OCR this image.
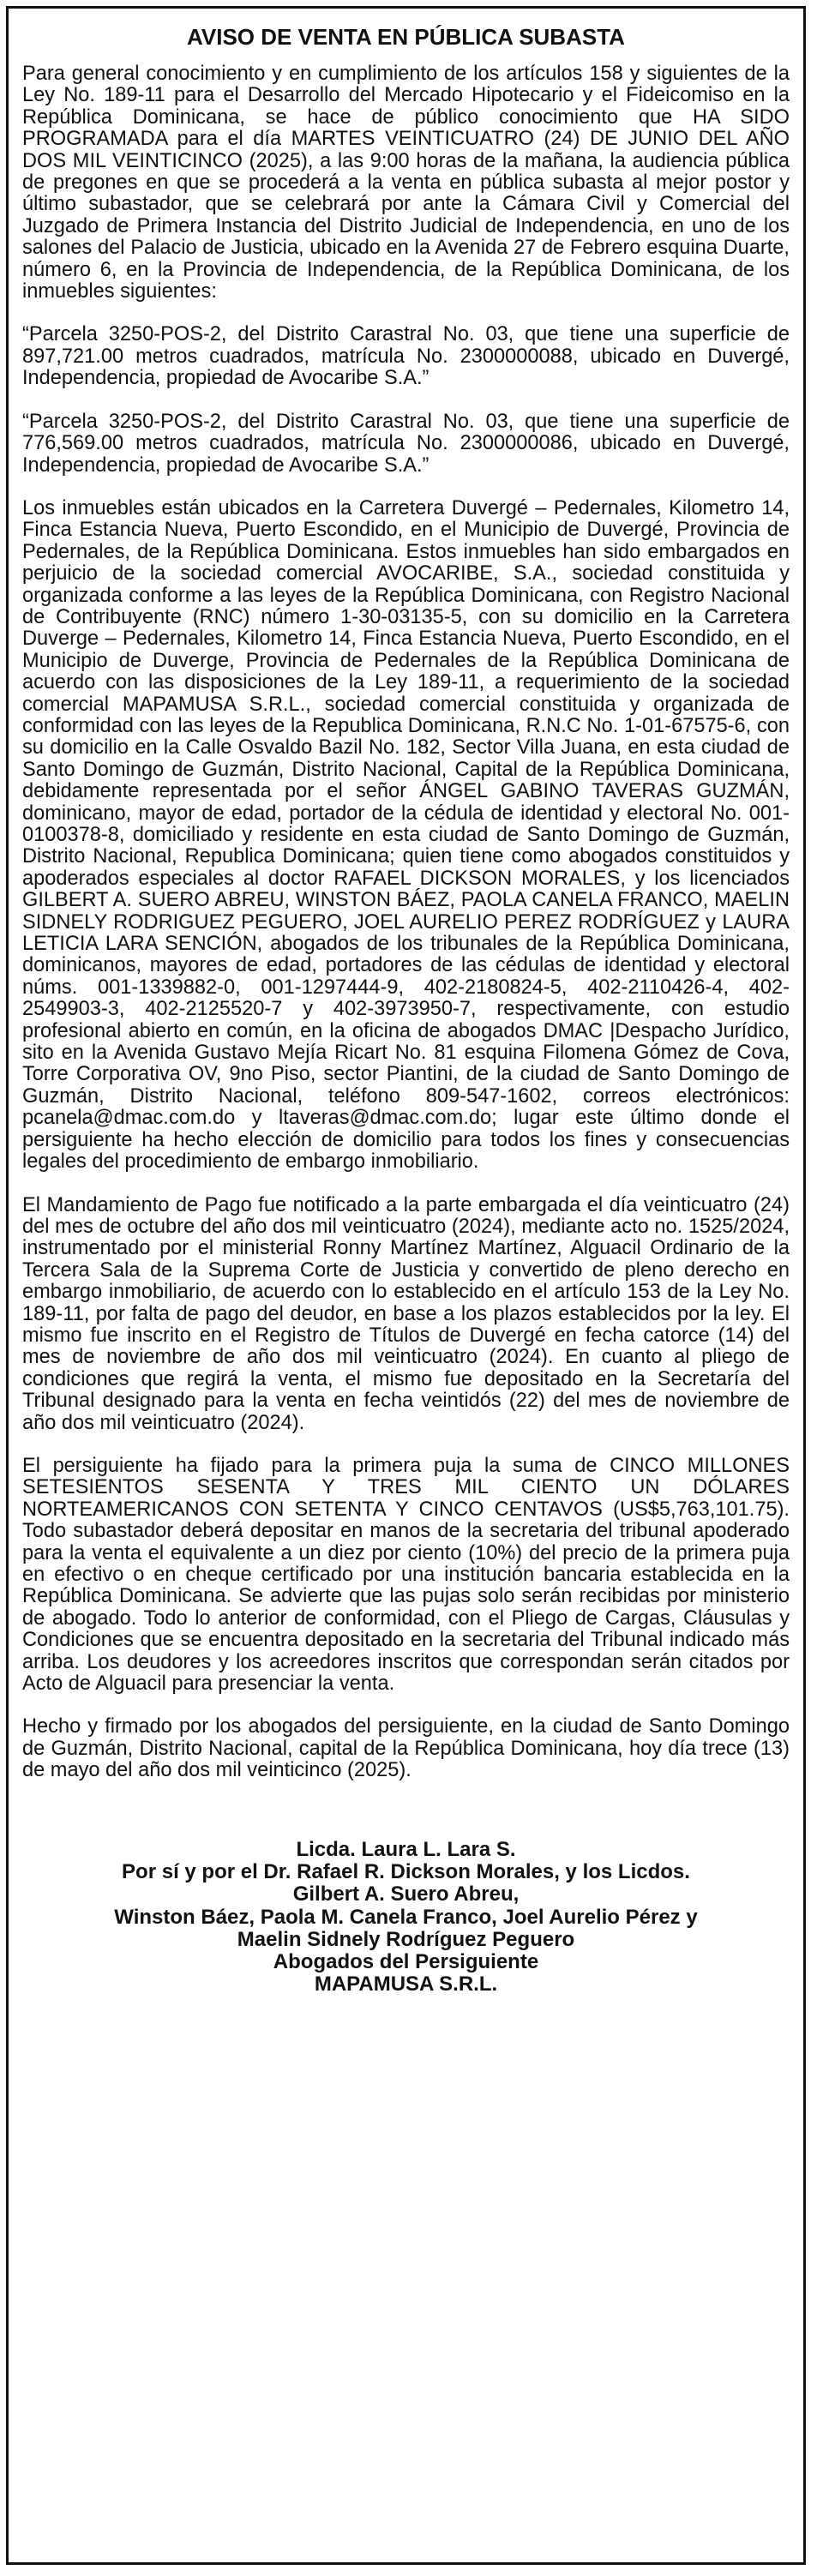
AVISO DE VENTA EN PÚBLICA SUBASTA
Para general conocimiento y en cumplimiento de los artículos 158 y siguientes de la Ley No. 189-11 para el Desarrollo del Mercado Hipotecario y el Fideicomiso en la República Dominicana, se hace de público conocimiento que HA SIDO PROGRAMADA para el día MARTES VEINTICUATRO (24) DE JUNIO DEL AÑO DOS MIL VEINTICINCO (2025), a las 9:00 horas de la mañana, la audiencia pública de pregones en que se procederá a la venta en pública subasta al mejor postor y último subastador, que se celebrará por ante la Cámara Civil y Comercial del Juzgado de Primera Instancia del Distrito Judicial de Independencia, en uno de los salones del Palacio de Justicia, ubicado en la Avenida 27 de Febrero esquina Duarte, número 6, en la Provincia de Independencia, de la República Dominicana, de los inmuebles siguientes:
“Parcela 3250-POS-2, del Distrito Carastral No. 03, que tiene una superficie de 897,721.00 metros cuadrados, matrícula No. 2300000088, ubicado en Duvergé, Independencia, propiedad de Avocaribe S.A.”
“Parcela 3250-POS-2, del Distrito Carastral No. 03, que tiene una superficie de 776,569.00 metros cuadrados, matrícula No. 2300000086, ubicado en Duvergé, Independencia, propiedad de Avocaribe S.A.”
Los inmuebles están ubicados en la Carretera Duvergé – Pedernales, Kilometro 14, Finca Estancia Nueva, Puerto Escondido, en el Municipio de Duvergé, Provincia de Pedernales, de la República Dominicana. Estos inmuebles han sido embargados en perjuicio de la sociedad comercial AVOCARIBE, S.A., sociedad constituida y organizada conforme a las leyes de la República Dominicana, con Registro Nacional de Contribuyente (RNC) número 1-30-03135-5, con su domicilio en la Carretera Duverge – Pedernales, Kilometro 14, Finca Estancia Nueva, Puerto Escondido, en el Municipio de Duverge, Provincia de Pedernales de la República Dominicana de acuerdo con las disposiciones de la Ley 189-11, a requerimiento de la sociedad comercial MAPAMUSA S.R.L., sociedad comercial constituida y organizada de conformidad con las leyes de la Republica Dominicana, R.N.C No. 1-01-67575-6, con su domicilio en la Calle Osvaldo Bazil No. 182, Sector Villa Juana, en esta ciudad de Santo Domingo de Guzmán, Distrito Nacional, Capital de la República Dominicana, debidamente representada por el señor ÁNGEL GABINO TAVERAS GUZMÁN, dominicano, mayor de edad, portador de la cédula de identidad y electoral No. 001-0100378-8, domiciliado y residente en esta ciudad de Santo Domingo de Guzmán, Distrito Nacional, Republica Dominicana; quien tiene como abogados constituidos y apoderados especiales al doctor RAFAEL DICKSON MORALES, y los licenciados GILBERT A. SUERO ABREU, WINSTON BÁEZ, PAOLA CANELA FRANCO, MAELIN SIDNELY RODRIGUEZ PEGUERO, JOEL AURELIO PEREZ RODRÍGUEZ y LAURA LETICIA LARA SENCIÓN, abogados de los tribunales de la República Dominicana, dominicanos, mayores de edad, portadores de las cédulas de identidad y electoral núms. 001-1339882-0, 001-1297444-9, 402-2180824-5, 402-2110426-4, 402-2549903-3, 402-2125520-7 y 402-3973950-7, respectivamente, con estudio profesional abierto en común, en la oficina de abogados DMAC |Despacho Jurídico, sito en la Avenida Gustavo Mejía Ricart No. 81 esquina Filomena Gómez de Cova, Torre Corporativa OV, 9no Piso, sector Piantini, de la ciudad de Santo Domingo de Guzmán, Distrito Nacional, teléfono 809-547-1602, correos electrónicos: pcanela@dmac.com.do y ltaveras@dmac.com.do; lugar este último donde el persiguiente ha hecho elección de domicilio para todos los fines y consecuencias legales del procedimiento de embargo inmobiliario.
El Mandamiento de Pago fue notificado a la parte embargada el día veinticuatro (24) del mes de octubre del año dos mil veinticuatro (2024), mediante acto no. 1525/2024, instrumentado por el ministerial Ronny Martínez Martínez, Alguacil Ordinario de la Tercera Sala de la Suprema Corte de Justicia y convertido de pleno derecho en embargo inmobiliario, de acuerdo con lo establecido en el artículo 153 de la Ley No. 189-11, por falta de pago del deudor, en base a los plazos establecidos por la ley. El mismo fue inscrito en el Registro de Títulos de Duvergé en fecha catorce (14) del mes de noviembre de año dos mil veinticuatro (2024). En cuanto al pliego de condiciones que regirá la venta, el mismo fue depositado en la Secretaría del Tribunal designado para la venta en fecha veintidós (22) del mes de noviembre de año dos mil veinticuatro (2024).
El persiguiente ha fijado para la primera puja la suma de CINCO MILLONES SETESIENTOS SESENTA Y TRES MIL CIENTO UN DÓLARES NORTEAMERICANOS CON SETENTA Y CINCO CENTAVOS (US$5,763,101.75). Todo subastador deberá depositar en manos de la secretaria del tribunal apoderado para la venta el equivalente a un diez por ciento (10%) del precio de la primera puja en efectivo o en cheque certificado por una institución bancaria establecida en la República Dominicana. Se advierte que las pujas solo serán recibidas por ministerio de abogado. Todo lo anterior de conformidad, con el Pliego de Cargas, Cláusulas y Condiciones que se encuentra depositado en la secretaria del Tribunal indicado más arriba. Los deudores y los acreedores inscritos que correspondan serán citados por Acto de Alguacil para presenciar la venta.
Hecho y firmado por los abogados del persiguiente, en la ciudad de Santo Domingo de Guzmán, Distrito Nacional, capital de la República Dominicana, hoy día trece (13) de mayo del año dos mil veinticinco (2025).
Licda. Laura L. Lara S.
Por sí y por el Dr. Rafael R. Dickson Morales, y los Licdos.
Gilbert A. Suero Abreu,
Winston Báez, Paola M. Canela Franco, Joel Aurelio Pérez y
Maelin Sidnely Rodríguez Peguero
Abogados del Persiguiente
MAPAMUSA S.R.L.
